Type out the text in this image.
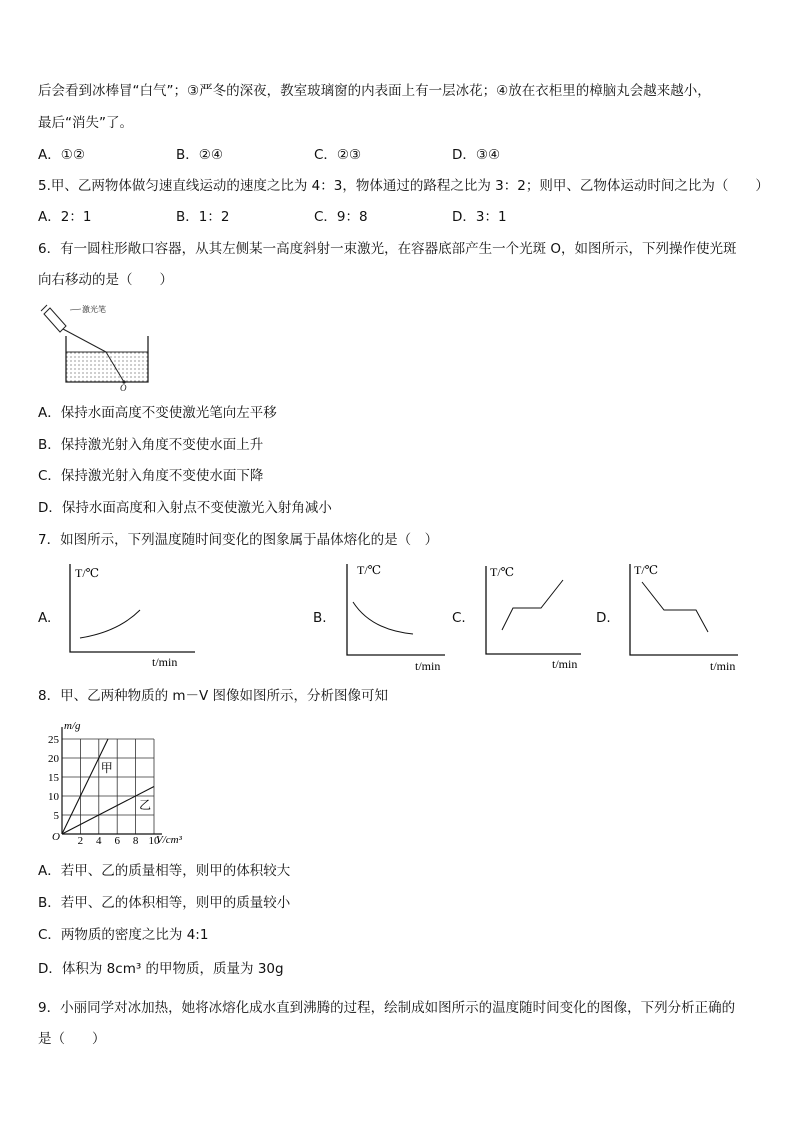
后会看到冰棒冒“白气”；③严冬的深夜，教室玻璃窗的内表面上有一层冰花；④放在衣柜里的樟脑丸会越来越小，
最后“消失”了。
A．①②	B．②④	C．②③	D．③④
5.甲、乙两物体做匀速直线运动的速度之比为 4：3，物体通过的路程之比为 3：2；则甲、乙物体运动时间之比为（　　）
A．2：1	B．1：2	C．9：8	D．3：1
6．有一圆柱形敞口容器，从其左侧某一高度斜射一束激光，在容器底部产生一个光斑 O，如图所示，下列操作使光斑
向右移动的是（　　）
激光笔
O
A．保持水面高度不变使激光笔向左平移
B．保持激光射入角度不变使水面上升
C．保持激光射入角度不变使水面下降
D．保持水面高度和入射点不变使激光入射角减小
7．如图所示，下列温度随时间变化的图象属于晶体熔化的是（　）
A.
T/℃
t/min
B.
T/℃
t/min
C.
T/℃
t/min
D.
T/℃
t/min
8．甲、乙两种物质的 m－V 图像如图所示，分析图像可知
m/g
V/cm³
O 2 4 6 8 10
5
10
15
20
25
甲
乙
A．若甲、乙的质量相等，则甲的体积较大
B．若甲、乙的体积相等，则甲的质量较小
C．两物质的密度之比为 4:1
D．体积为 8cm³ 的甲物质，质量为 30g
9．小丽同学对冰加热，她将冰熔化成水直到沸腾的过程，绘制成如图所示的温度随时间变化的图像，下列分析正确的
是（　　）
